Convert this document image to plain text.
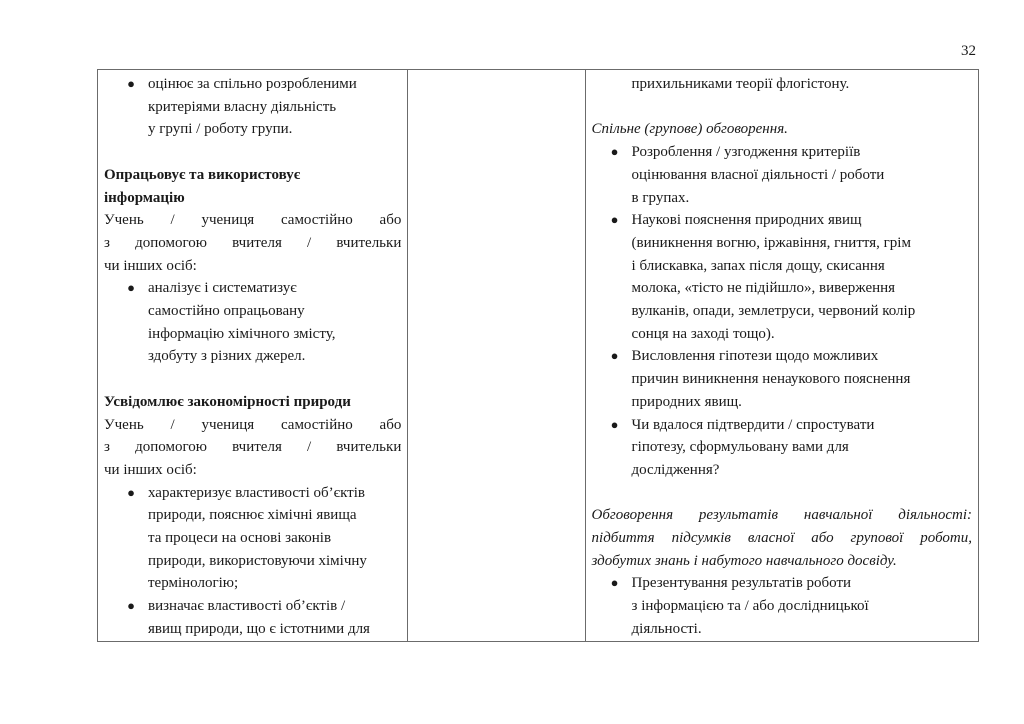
32
● оцінює за спільно розробленими
критеріями власну діяльність
у групі / роботу групи.
Опрацьовує та використовує
інформацію
Учень / учениця самостійно або
з допомогою вчителя / вчительки
чи інших осіб:
● аналізує і систематизує
самостійно опрацьовану
інформацію хімічного змісту,
здобуту з різних джерел.
Усвідомлює закономірності природи
Учень / учениця самостійно або
з допомогою вчителя / вчительки
чи інших осіб:
● характеризує властивості об’єктів
природи, пояснює хімічні явища
та процеси на основі законів
природи, використовуючи хімічну
термінологію;
● визначає властивості об’єктів /
явищ природи, що є істотними для

прихильниками теорії флогістону.
Спільне (групове) обговорення.
● Розроблення / узгодження критеріїв
оцінювання власної діяльності / роботи
в групах.
● Наукові пояснення природних явищ
(виникнення вогню, іржавіння, гниття, грім
і блискавка, запах після дощу, скисання
молока, «тісто не підійшло», виверження
вулканів, опади, землетруси, червоний колір
сонця на заході тощо).
● Висловлення гіпотези щодо можливих
причин виникнення ненаукового пояснення
природних явищ.
● Чи вдалося підтвердити / спростувати
гіпотезу, сформульовану вами для
дослідження?
Обговорення результатів навчальної діяльності:
підбиття підсумків власної або групової роботи,
здобутих знань і набутого навчального досвіду.
● Презентування результатів роботи
з інформацією та / або дослідницької
діяльності.
